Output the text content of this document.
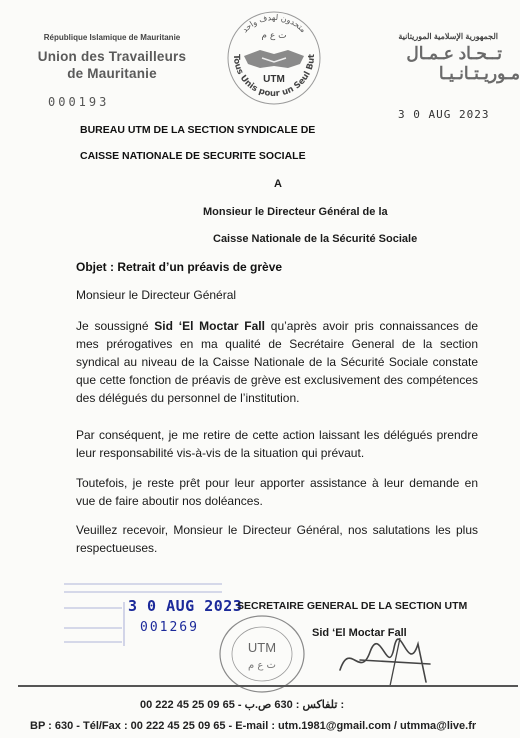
République Islamique de Mauritanie
Union des Travailleurs
de Mauritanie
000193
متحدون لهدف واحد
Tous Unis pour un Seul But
ت ع م
UTM
الجمهورية الإسلامية الموريتانية
تــحـاد عـمـال
مـوريـتـانـيـا
3 0 AUG 2023
BUREAU UTM DE LA SECTION SYNDICALE DE
CAISSE NATIONALE DE SECURITE SOCIALE
A
Monsieur le Directeur Général de la
Caisse Nationale de la Sécurité Sociale
Objet : Retrait d’un préavis de grève
Monsieur le Directeur Général
Je soussigné Sid ‘El Moctar Fall qu’après avoir pris connaissances de mes prérogatives en ma qualité de Secrétaire General de la section syndical au niveau de la Caisse Nationale de la Sécurité Sociale constate que cette fonction de préavis de grève est exclusivement des compétences des délégués du personnel de l’institution.
Par conséquent, je me retire de cette action laissant les délégués prendre leur responsabilité vis-à-vis de la situation qui prévaut.
Toutefois, je reste prêt pour leur apporter assistance à leur demande en vue de faire aboutir nos doléances.
Veuillez recevoir, Monsieur le Directeur Général, nos salutations les plus respectueuses.
3 0 AUG 2023
001269
SECRETAIRE GENERAL DE LA SECTION UTM
Sid ‘El Moctar Fall
UTM
ت ع م
00 222 45 25 09 65 - تلفاكس : 630 ص.ب :
BP : 630 - Tél/Fax : 00 222 45 25 09 65 - E-mail : utm.1981@gmail.com / utmma@live.fr
